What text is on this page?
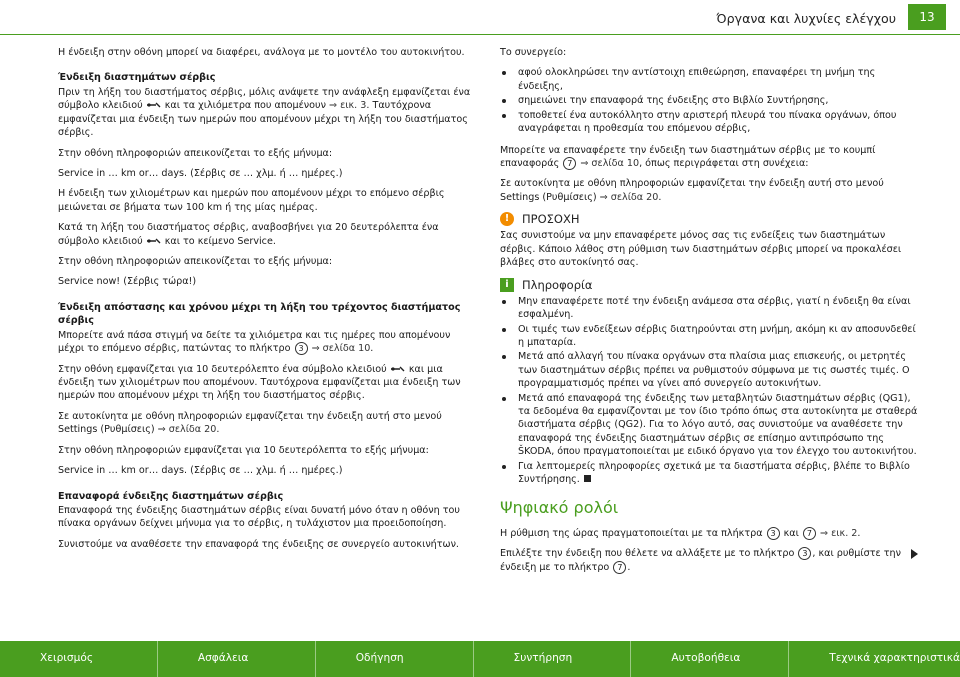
Όργανα και λυχνίες ελέγχου	13

Η ένδειξη στην οθόνη μπορεί να διαφέρει, ανάλογα με το μοντέλο του αυτοκινήτου.

Ένδειξη διαστημάτων σέρβις

Πριν τη λήξη του διαστήματος σέρβις, μόλις ανάψετε την ανάφλεξη εμφανίζεται ένα σύμβολο κλειδιού και τα χιλιόμετρα που απομένουν ⇒ εικ. 3. Ταυτόχρονα εμφανίζεται μια ένδειξη των ημερών που απομένουν μέχρι τη λήξη του διαστήματος σέρβις.

Στην οθόνη πληροφοριών απεικονίζεται το εξής μήνυμα:

Service in … km or… days. (Σέρβις σε … χλμ. ή … ημέρες.)

Η ένδειξη των χιλιομέτρων και ημερών που απομένουν μέχρι το επόμενο σέρβις μειώνεται σε βήματα των 100 km ή της μίας ημέρας.

Κατά τη λήξη του διαστήματος σέρβις, αναβοσβήνει για 20 δευτερόλεπτα ένα σύμβολο κλειδιού και το κείμενο Service.

Στην οθόνη πληροφοριών απεικονίζεται το εξής μήνυμα:

Service now! (Σέρβις τώρα!)

Ένδειξη απόστασης και χρόνου μέχρι τη λήξη του τρέχοντος διαστήματος σέρβις

Μπορείτε ανά πάσα στιγμή να δείτε τα χιλιόμετρα και τις ημέρες που απομένουν μέχρι το επόμενο σέρβις, πατώντας το πλήκτρο 3 ⇒ σελίδα 10.

Στην οθόνη εμφανίζεται για 10 δευτερόλεπτο ένα σύμβολο κλειδιού και μια ένδειξη των χιλιομέτρων που απομένουν. Ταυτόχρονα εμφανίζεται μια ένδειξη των ημερών που απομένουν μέχρι τη λήξη του διαστήματος σέρβις.

Σε αυτοκίνητα με οθόνη πληροφοριών εμφανίζεται την ένδειξη αυτή στο μενού Settings (Ρυθμίσεις) ⇒ σελίδα 20.

Στην οθόνη πληροφοριών εμφανίζεται για 10 δευτερόλεπτα το εξής μήνυμα:

Service in … km or… days. (Σέρβις σε … χλμ. ή … ημέρες.)

Επαναφορά ένδειξης διαστημάτων σέρβις

Επαναφορά της ένδειξης διαστημάτων σέρβις είναι δυνατή μόνο όταν η οθόνη του πίνακα οργάνων δείχνει μήνυμα για το σέρβις, η τυλάχιστον μια προειδοποίηση.

Συνιστούμε να αναθέσετε την επαναφορά της ένδειξης σε συνεργείο αυτοκινήτων.

Το συνεργείο:

αφού ολοκληρώσει την αντίστοιχη επιθεώρηση, επαναφέρει τη μνήμη της ένδειξης,
σημειώνει την επαναφορά της ένδειξης στο Βιβλίο Συντήρησης,
τοποθετεί ένα αυτοκόλλητο στην αριστερή πλευρά του πίνακα οργάνων, όπου αναγράφεται η προθεσμία του επόμενου σέρβις,

Μπορείτε να επαναφέρετε την ένδειξη των διαστημάτων σέρβις με το κουμπί επαναφοράς 7 ⇒ σελίδα 10, όπως περιγράφεται στη συνέχεια:

Σε αυτοκίνητα με οθόνη πληροφοριών εμφανίζεται την ένδειξη αυτή στο μενού Settings (Ρυθμίσεις) ⇒ σελίδα 20.

!	ΠΡΟΣΟΧΗ

Σας συνιστούμε να μην επαναφέρετε μόνος σας τις ενδείξεις των διαστημάτων σέρβις. Κάποιο λάθος στη ρύθμιση των διαστημάτων σέρβις μπορεί να προκαλέσει βλάβες στο αυτοκίνητό σας.

i	Πληροφορία
Μην επαναφέρετε ποτέ την ένδειξη ανάμεσα στα σέρβις, γιατί η ένδειξη θα είναι εσφαλμένη.
Οι τιμές των ενδείξεων σέρβις διατηρούνται στη μνήμη, ακόμη κι αν αποσυνδεθεί η μπαταρία.
Μετά από αλλαγή του πίνακα οργάνων στα πλαίσια μιας επισκευής, οι μετρητές των διαστημάτων σέρβις πρέπει να ρυθμιστούν σύμφωνα με τις σωστές τιμές. Ο προγραμματισμός πρέπει να γίνει από συνεργείο αυτοκινήτων.
Μετά από επαναφορά της ένδειξης των μεταβλητών διαστημάτων σέρβις (QG1), τα δεδομένα θα εμφανίζονται με τον ίδιο τρόπο όπως στα αυτοκίνητα με σταθερά διαστήματα σέρβις (QG2). Για το λόγο αυτό, σας συνιστούμε να αναθέσετε την επαναφορά της ένδειξης διαστημάτων σέρβις σε επίσημο αντιπρόσωπο της ŠKODA, όπου πραγματοποιείται με ειδικό όργανο για τον έλεγχο του αυτοκινήτου.
Για λεπτομερείς πληροφορίες σχετικά με τα διαστήματα σέρβις, βλέπε το Βιβλίο Συντήρησης.
Ψηφιακό ρολόι

Η ρύθμιση της ώρας πραγματοποιείται με τα πλήκτρα 3 και 7 ⇒ εικ. 2.

Επιλέξτε την ένδειξη που θέλετε να αλλάξετε με το πλήκτρο 3 , και ρυθμίστε την ένδειξη με το πλήκτρο 7 .

Χειρισμός	Ασφάλεια	Οδήγηση	Συντήρηση	Αυτοβοήθεια	Τεχνικά χαρακτηριστικά
